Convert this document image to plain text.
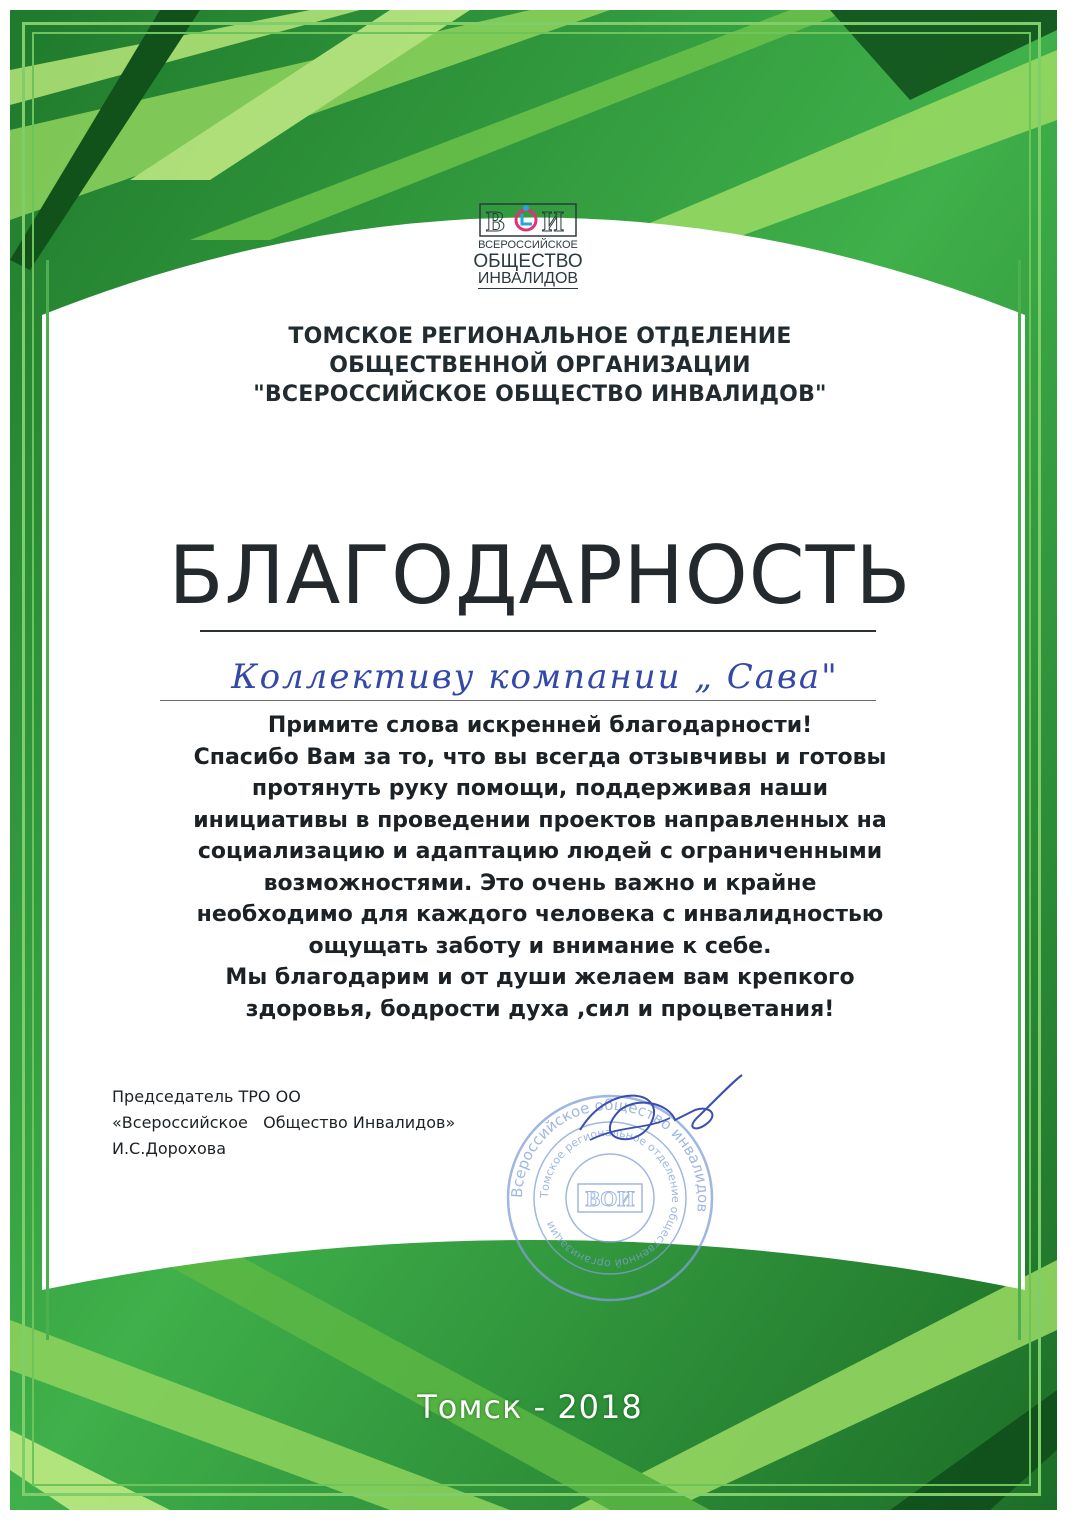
В И
ВСЕРОССИЙСКОЕ
ОБЩЕСТВО
ИНВАЛИДОВ
ТОМСКОЕ РЕГИОНАЛЬНОЕ ОТДЕЛЕНИЕ
ОБЩЕСТВЕННОЙ ОРГАНИЗАЦИИ
"ВСЕРОССИЙСКОЕ ОБЩЕСТВО ИНВАЛИДОВ"
БЛАГОДАРНОСТЬ
Коллективу компании „ Сава"
Примите слова искренней благодарности!
Спасибо Вам за то, что вы всегда отзывчивы и готовы
протянуть руку помощи, поддерживая наши
инициативы в проведении проектов направленных на
социализацию и адаптацию людей с ограниченными
возможностями. Это очень важно и крайне
необходимо для каждого человека с инвалидностью
ощущать заботу и внимание к себе.
Мы благодарим и от души желаем вам крепкого
здоровья, бодрости духа ,сил и процветания!
Председатель ТРО ОО
«Всероссийское   Общество Инвалидов»
И.С.Дорохова
Всероссийское общество инвалидов
Томское региональное отделение общественной организации
ВОИ
Томск - 2018
